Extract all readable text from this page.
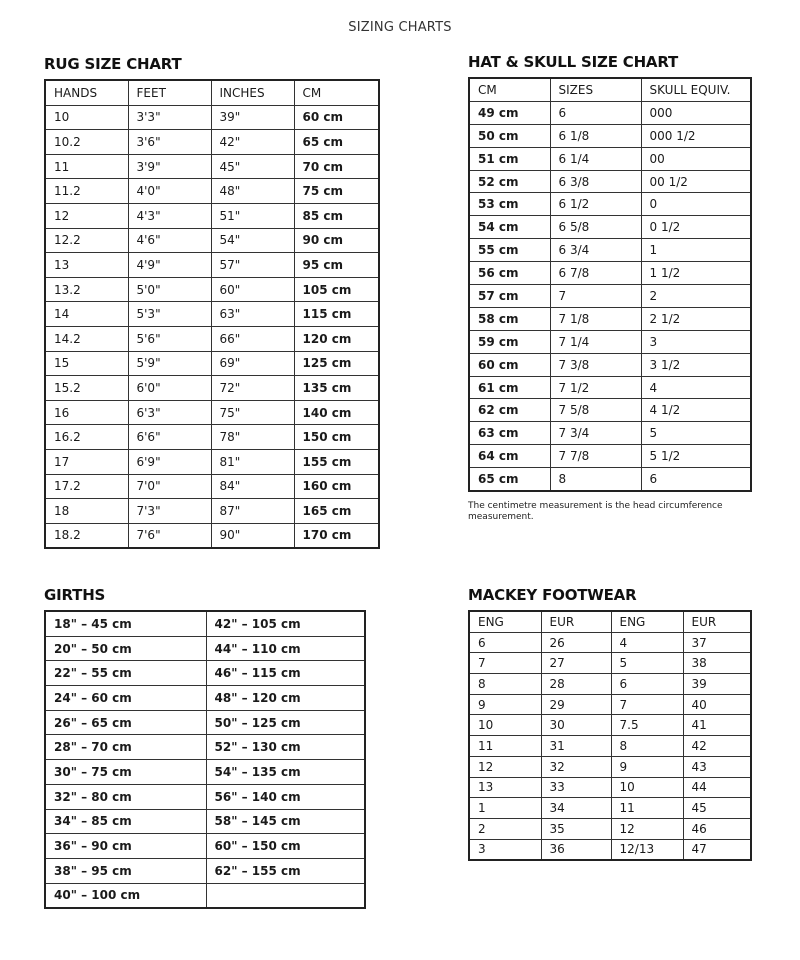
SIZING CHARTS
RUG SIZE CHART
HANDS	FEET	INCHES	CM
10	3'3"	39"	60 cm
10.2	3'6"	42"	65 cm
11	3'9"	45"	70 cm
11.2	4'0"	48"	75 cm
12	4'3"	51"	85 cm
12.2	4'6"	54"	90 cm
13	4'9"	57"	95 cm
13.2	5'0"	60"	105 cm
14	5'3"	63"	115 cm
14.2	5'6"	66"	120 cm
15	5'9"	69"	125 cm
15.2	6'0"	72"	135 cm
16	6'3"	75"	140 cm
16.2	6'6"	78"	150 cm
17	6'9"	81"	155 cm
17.2	7'0"	84"	160 cm
18	7'3"	87"	165 cm
18.2	7'6"	90"	170 cm
HAT & SKULL SIZE CHART
CM	SIZES	SKULL EQUIV.
49 cm	6	000
50 cm	6 1/8	000 1/2
51 cm	6 1/4	00
52 cm	6 3/8	00 1/2
53 cm	6 1/2	0
54 cm	6 5/8	0 1/2
55 cm	6 3/4	1
56 cm	6 7/8	1 1/2
57 cm	7	2
58 cm	7 1/8	2 1/2
59 cm	7 1/4	3
60 cm	7 3/8	3 1/2
61 cm	7 1/2	4
62 cm	7 5/8	4 1/2
63 cm	7 3/4	5
64 cm	7 7/8	5 1/2
65 cm	8	6
The centimetre measurement is the head circumference measurement.
GIRTHS
18" – 45 cm	42" – 105 cm
20" – 50 cm	44" – 110 cm
22" – 55 cm	46" – 115 cm
24" – 60 cm	48" – 120 cm
26" – 65 cm	50" – 125 cm
28" – 70 cm	52" – 130 cm
30" – 75 cm	54" – 135 cm
32" – 80 cm	56" – 140 cm
34" – 85 cm	58" – 145 cm
36" – 90 cm	60" – 150 cm
38" – 95 cm	62" – 155 cm
40" – 100 cm	
MACKEY FOOTWEAR
ENG	EUR	ENG	EUR
6	26	4	37
7	27	5	38
8	28	6	39
9	29	7	40
10	30	7.5	41
11	31	8	42
12	32	9	43
13	33	10	44
1	34	11	45
2	35	12	46
3	36	12/13	47
